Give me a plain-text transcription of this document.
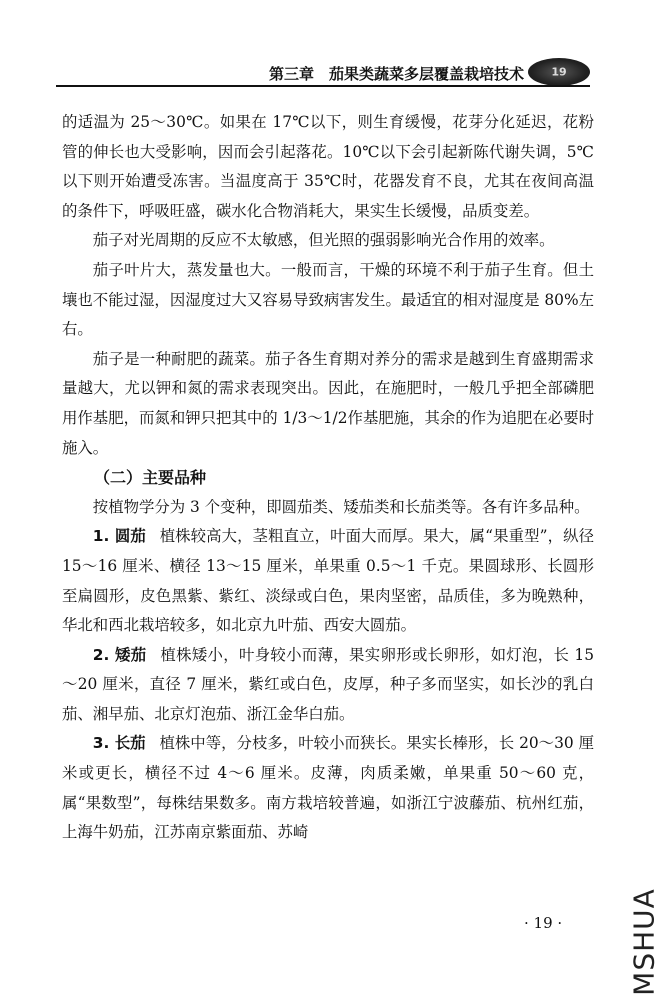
第三章　茄果类蔬菜多层覆盖栽培技术 19

的适温为 25～30℃。如果在 17℃以下，则生育缓慢，花芽分化延迟，花粉管的伸长也大受影响，因而会引起落花。10℃以下会引起新陈代谢失调，5℃以下则开始遭受冻害。当温度高于 35℃时，花器发育不良，尤其在夜间高温的条件下，呼吸旺盛，碳水化合物消耗大，果实生长缓慢，品质变差。

茄子对光周期的反应不太敏感，但光照的强弱影响光合作用的效率。

茄子叶片大，蒸发量也大。一般而言，干燥的环境不利于茄子生育。但土壤也不能过湿，因湿度过大又容易导致病害发生。最适宜的相对湿度是 80%左右。

茄子是一种耐肥的蔬菜。茄子各生育期对养分的需求是越到生育盛期需求量越大，尤以钾和氮的需求表现突出。因此，在施肥时，一般几乎把全部磷肥用作基肥，而氮和钾只把其中的 1/3～1/2作基肥施，其余的作为追肥在必要时施入。

（二）主要品种

按植物学分为 3 个变种，即圆茄类、矮茄类和长茄类等。各有许多品种。

1. 圆茄 植株较高大，茎粗直立，叶面大而厚。果大，属“果重型”，纵径 15～16 厘米、横径 13～15 厘米，单果重 0.5～1 千克。果圆球形、长圆形至扁圆形，皮色黑紫、紫红、淡绿或白色，果肉坚密，品质佳，多为晚熟种，华北和西北栽培较多，如北京九叶茄、西安大圆茄。

2. 矮茄 植株矮小，叶身较小而薄，果实卵形或长卵形，如灯泡，长 15～20 厘米，直径 7 厘米，紫红或白色，皮厚，种子多而坚实，如长沙的乳白茄、湘早茄、北京灯泡茄、浙江金华白茄。

3. 长茄 植株中等，分枝多，叶较小而狭长。果实长棒形，长 20～30 厘米或更长，横径不过 4～6 厘米。皮薄，肉质柔嫩，单果重 50～60 克，属“果数型”，每株结果数多。南方栽培较普遍，如浙江宁波藤茄、杭州红茄，上海牛奶茄，江苏南京紫面茄、苏崎

· 19 · MSHUA
